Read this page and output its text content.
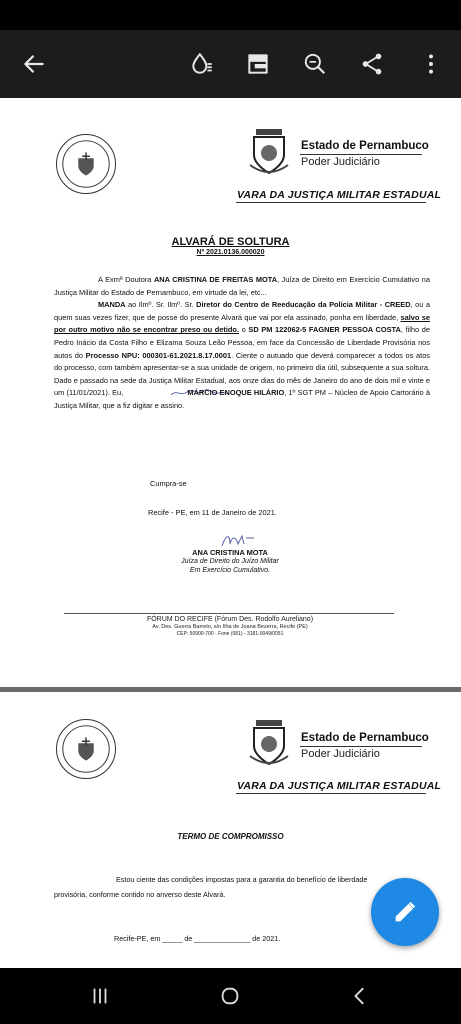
Estado de Pernambuco
Poder Judiciário
VARA DA JUSTIÇA MILITAR ESTADUAL
ALVARÁ DE SOLTURA
Nº 2021.0136.000020

A Exmª Doutora ANA CRISTINA DE FREITAS MOTA, Juíza de Direito em Exercício Cumulativo na Justiça Militar do Estado de Pernambuco, em virtude da lei, etc...

MANDA ao Ilmº. Sr. Ilmº. Sr. Diretor do Centro de Reeducação da Polícia Militar - CREED, ou a quem suas vezes fizer, que de posse do presente Alvará que vai por ela assinado, ponha em liberdade, salvo se por outro motivo não se encontrar preso ou detido. o SD PM 122062-5 FAGNER PESSOA COSTA, filho de Pedro Inácio da Costa Filho e Elizama Souza Leão Pessoa, em face da Concessão de Liberdade Provisória nos autos do Processo NPU: 000301-61.2021.8.17.0001. Ciente o autuado que deverá comparecer a todos os atos do processo, com também apresentar-se a sua unidade de origem, no primeiro dia útil, subsequente a sua soltura. Dado e passado na sede da Justiça Militar Estadual, aos onze dias do mês de Janeiro do ano de dois mil e vinte e um (11/01/2021). Eu,	MÁRCIO ENOQUE HILÁRIO, 1º SGT PM – Núcleo de Apoio Cartorário à Justiça Militar, que a fiz digitar e assino.

Cumpra-se
Recife - PE, em 11 de Janeiro de 2021.
ANA CRISTINA MOTA
Juíza de Direito do Juízo Militar
Em Exercício Cumulativo.
FÓRUM DO RECIFE (Fórum Des. Rodolfo Aureliano)
Av. Des. Guerra Barreto, s/n Ilha de Joana Bezerra, Recife (PE)
CEP: 50900-700 · Fone (081) - 3181-0049/0051
Estado de Pernambuco
Poder Judiciário
VARA DA JUSTIÇA MILITAR ESTADUAL
TERMO DE COMPROMISSO
Estou ciente das condições impostas para a garantia do benefício de liberdade
provisória, conforme contido no anverso deste Alvará.
Recife-PE, em _____ de ______________ de 2021.
